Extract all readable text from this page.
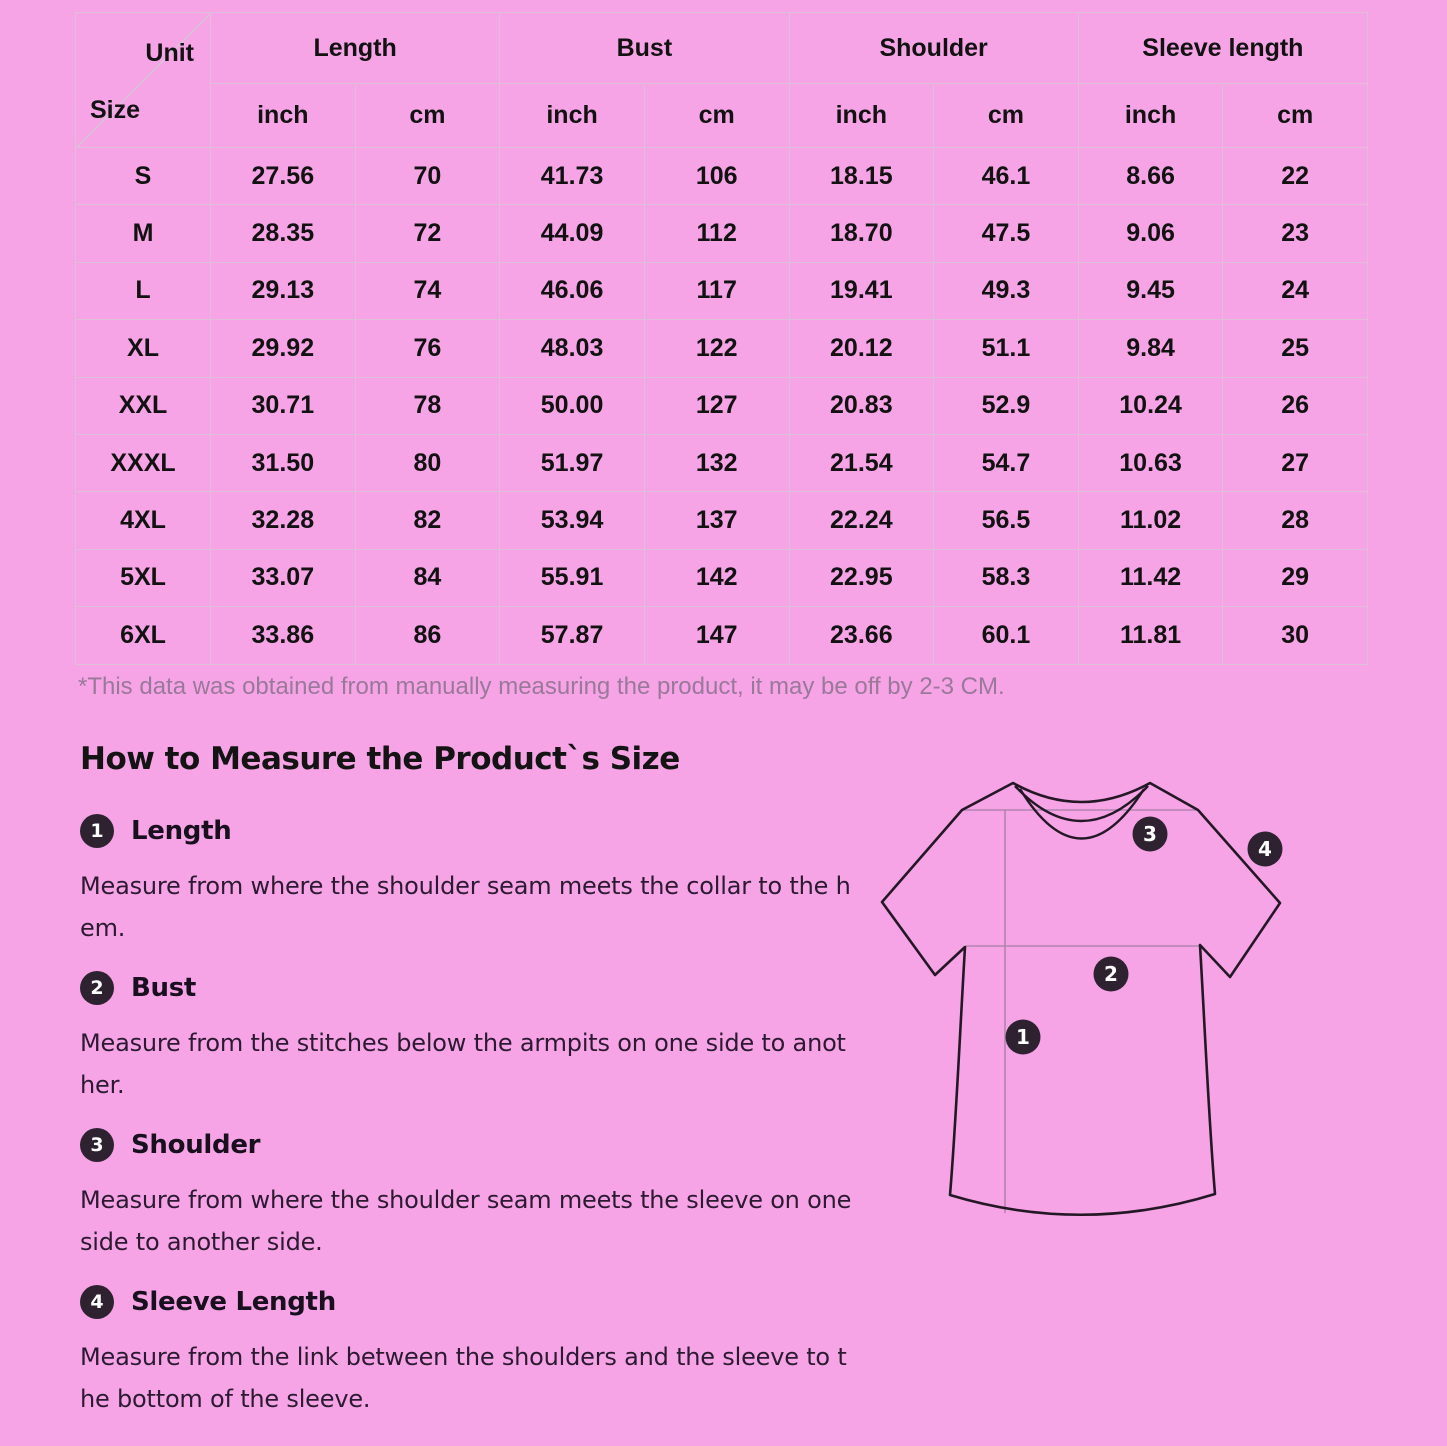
Unit
Size	Length		Bust		Shoulder		Sleeve length	
	inch	cm	inch	cm	inch	cm	inch	cm
S	27.56	70	41.73	106	18.15	46.1	8.66	22
M	28.35	72	44.09	112	18.70	47.5	9.06	23
L	29.13	74	46.06	117	19.41	49.3	9.45	24
XL	29.92	76	48.03	122	20.12	51.1	9.84	25
XXL	30.71	78	50.00	127	20.83	52.9	10.24	26
XXXL	31.50	80	51.97	132	21.54	54.7	10.63	27
4XL	32.28	82	53.94	137	22.24	56.5	11.02	28
5XL	33.07	84	55.91	142	22.95	58.3	11.42	29
6XL	33.86	86	57.87	147	23.66	60.1	11.81	30
*This data was obtained from manually measuring the product, it may be off by 2-3 CM.
How to Measure the Product`s Size
1	Length
Measure from where the shoulder seam meets the collar to the h
em.
2	Bust
Measure from the stitches below the armpits on one side to anot
her.
3	Shoulder
Measure from where the shoulder seam meets the sleeve on one
side to another side.
4	Sleeve Length
Measure from the link between the shoulders and the sleeve to t
he bottom of the sleeve.
1
2
3
4
